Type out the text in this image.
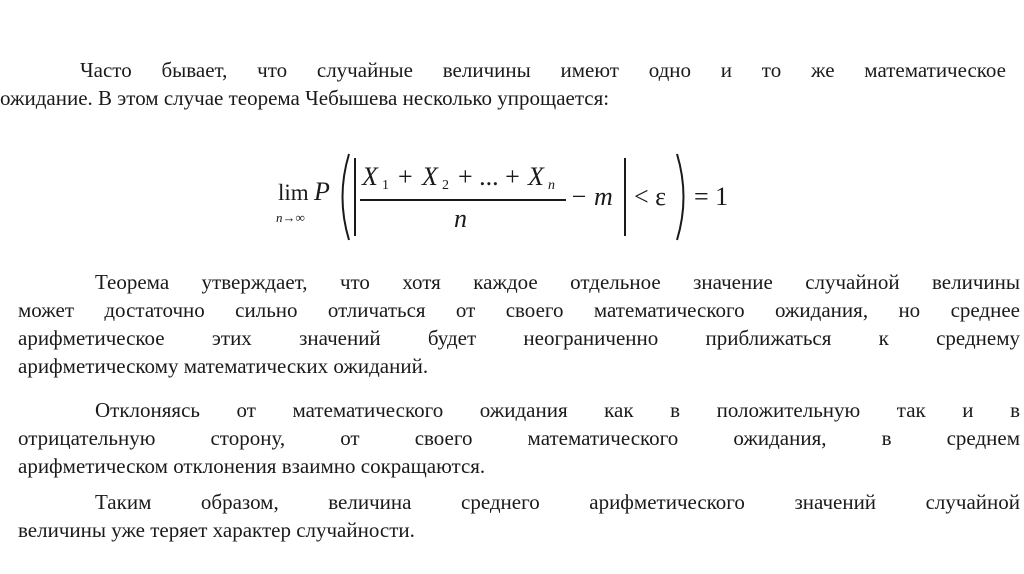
Часто бывает, что случайные величины имеют одно и то же математическое
ожидание. В этом случае теорема Чебышева несколько упрощается:
lim
n→∞
P
X 1 + X 2 + ... + X n
n
− m < ε = 1
Теорема утверждает, что хотя каждое отдельное значение случайной величины
может достаточно сильно отличаться от своего математического ожидания, но среднее
арифметическое этих значений будет неограниченно приближаться к среднему
арифметическому математических ожиданий.
Отклоняясь от математического ожидания как в положительную так и в
отрицательную сторону, от своего математического ожидания, в среднем
арифметическом отклонения взаимно сокращаются.
Таким образом, величина среднего арифметического значений случайной
величины уже теряет характер случайности.
